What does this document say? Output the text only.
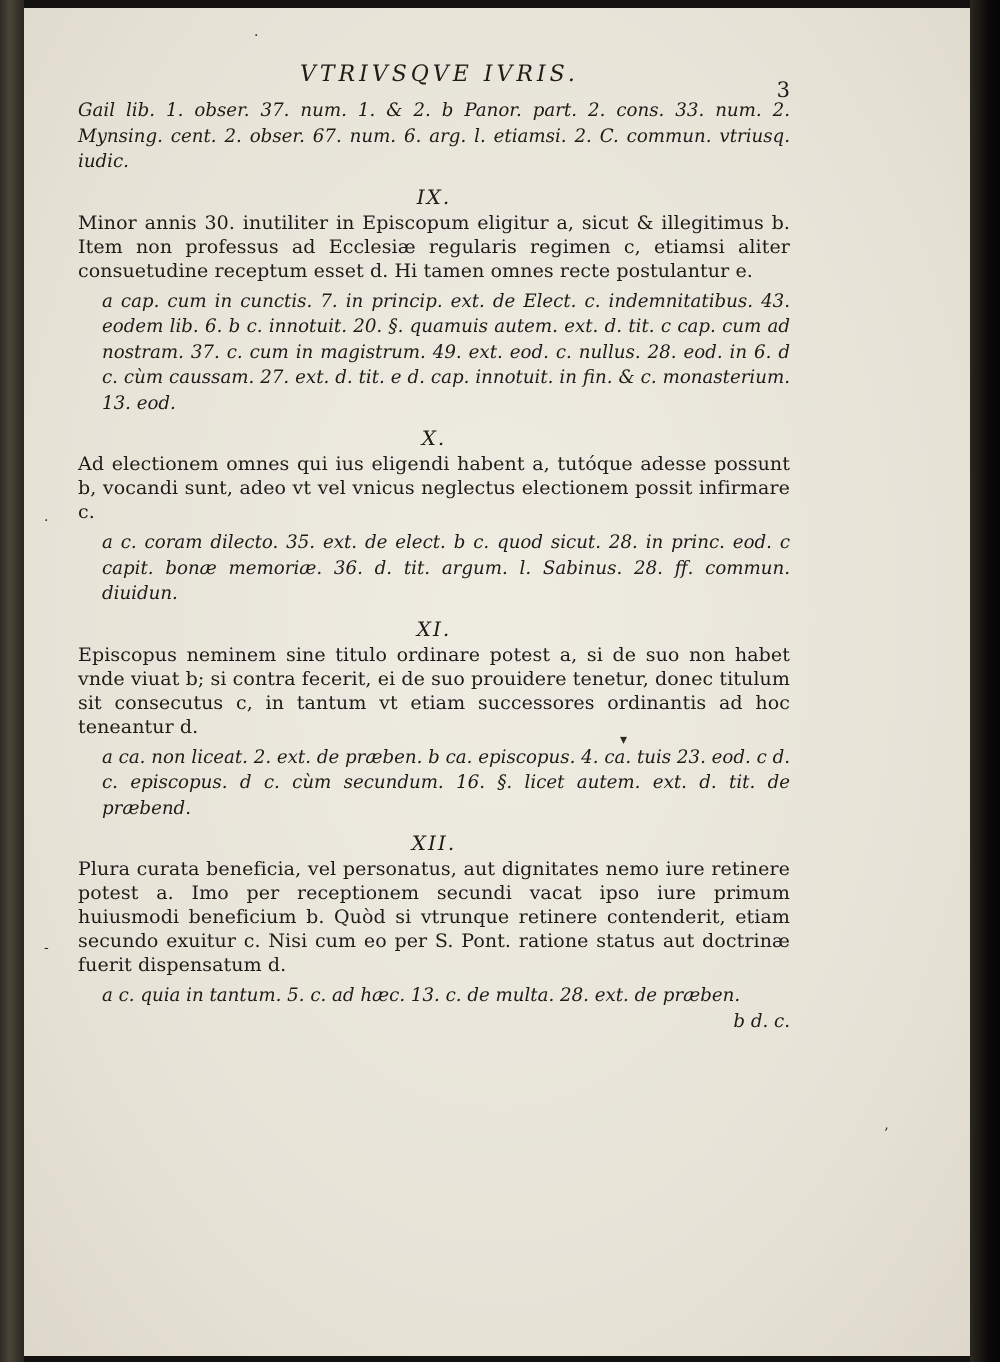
·
·
▾
’
-
VTRIVSQVE IVRIS.
3

Gail lib. 1. obser. 37. num. 1. & 2. b Panor. part. 2. cons. 33. num. 2. Mynsing. cent. 2. obser. 67. num. 6. arg. l. etiamsi. 2. C. commun. vtriusq. iudic.

IX.

Minor annis 30. inutiliter in Episcopum eligitur a, sicut & illegitimus b. Item non professus ad Ecclesiæ regularis regimen c, etiamsi aliter consuetudine receptum esset d. Hi tamen omnes recte postulantur e.

a cap. cum in cunctis. 7. in princip. ext. de Elect. c. indemnitatibus. 43. eodem lib. 6. b c. innotuit. 20. §. quamuis autem. ext. d. tit. c cap. cum ad nostram. 37. c. cum in magistrum. 49. ext. eod. c. nullus. 28. eod. in 6. d c. cùm caussam. 27. ext. d. tit. e d. cap. innotuit. in fin. & c. monasterium. 13. eod.

X.

Ad electionem omnes qui ius eligendi habent a, tutóque adesse possunt b, vocandi sunt, adeo vt vel vnicus neglectus electionem possit infirmare c.

a c. coram dilecto. 35. ext. de elect. b c. quod sicut. 28. in princ. eod. c capit. bonæ memoriæ. 36. d. tit. argum. l. Sabinus. 28. ff. commun. diuidun.

XI.

Episcopus neminem sine titulo ordinare potest a, si de suo non habet vnde viuat b; si contra fecerit, ei de suo prouidere tenetur, donec titulum sit consecutus c, in tantum vt etiam successores ordinantis ad hoc teneantur d.

a ca. non liceat. 2. ext. de præben. b ca. episcopus. 4. ca. tuis 23. eod. c d. c. episcopus. d c. cùm secundum. 16. §. licet autem. ext. d. tit. de præbend.

XII.

Plura curata beneficia, vel personatus, aut dignitates nemo iure retinere potest a. Imo per receptionem secundi vacat ipso iure primum huiusmodi beneficium b. Quòd si vtrunque retinere contenderit, etiam secundo exuitur c. Nisi cum eo per S. Pont. ratione status aut doctrinæ fuerit dispensatum d.

a c. quia in tantum. 5. c. ad hæc. 13. c. de multa. 28. ext. de præben.

b d. c.
